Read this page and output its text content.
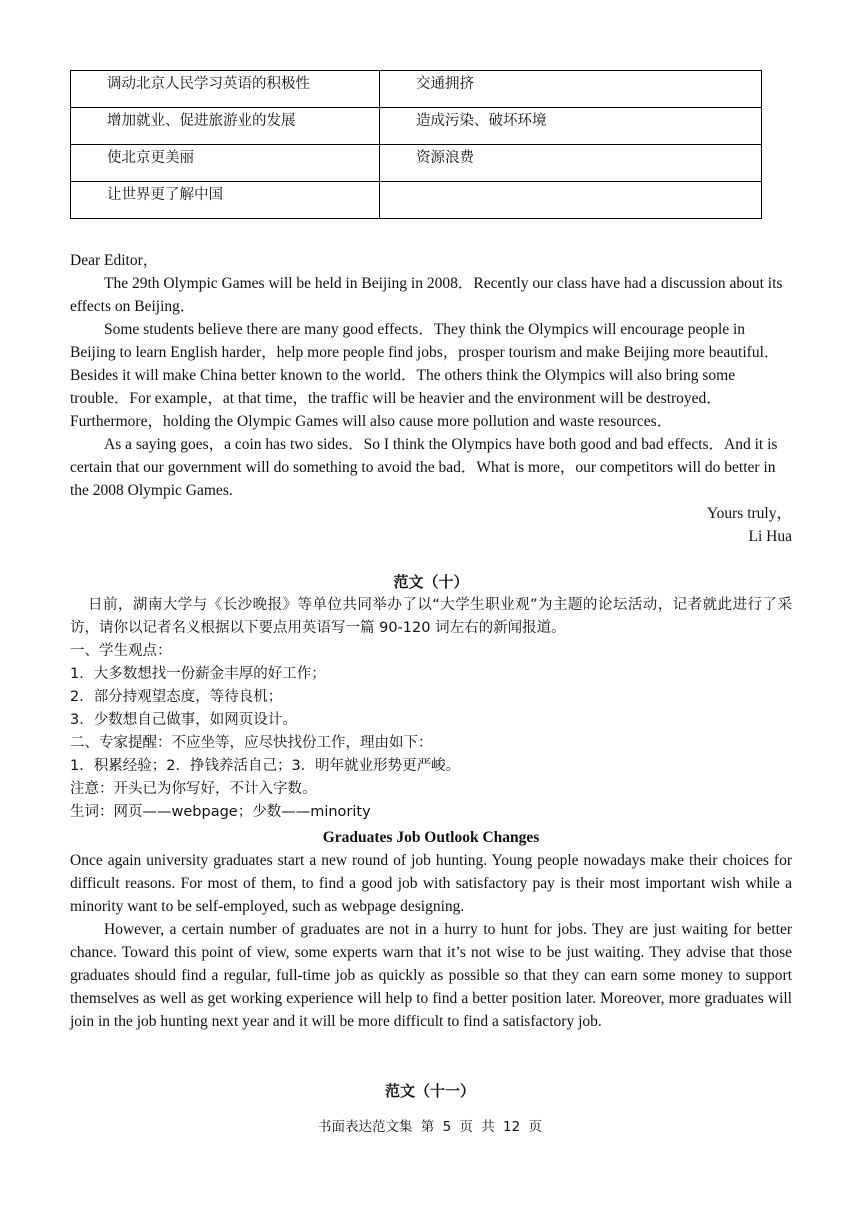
调动北京人民学习英语的积极性	交通拥挤
增加就业、促进旅游业的发展	造成污染、破坏环境
使北京更美丽	资源浪费
让世界更了解中国	

Dear Editor，

The 29th Olympic Games will be held in Beijing in 2008．Recently our class have had a discussion about its effects on Beijing．

Some students believe there are many good effects．They think the Olympics will encourage people in Beijing to learn English harder，help more people find jobs，prosper tourism and make Beijing more beautiful． Besides it will make China better known to the world．The others think the Olympics will also bring some trouble．For example，at that time，the traffic will be heavier and the environment will be destroyed．Furthermore，holding the Olympic Games will also cause more pollution and waste resources．

As a saying goes，a coin has two sides．So I think the Olympics have both good and bad effects．And it is certain that our government will do something to avoid the bad．What is more，our competitors will do better in the 2008 Olympic Games.

Yours truly，

Li Hua

范文（十）

日前，湖南大学与《长沙晚报》等单位共同举办了以“大学生职业观”为主题的论坛活动，记者就此进行了采访，请你以记者名义根据以下要点用英语写一篇 90-120 词左右的新闻报道。

一、学生观点：

1．大多数想找一份薪金丰厚的好工作；

2．部分持观望态度，等待良机；

3．少数想自己做事，如网页设计。

二、专家提醒：不应坐等，应尽快找份工作，理由如下：

1．积累经验；2．挣钱养活自己；3．明年就业形势更严峻。

注意：开头已为你写好，不计入字数。

生词：网页——webpage；少数——minority

Graduates Job Outlook Changes

Once again university graduates start a new round of job hunting. Young people nowadays make their choices for difficult reasons. For most of them, to find a good job with satisfactory pay is their most important wish while a minority want to be self-employed, such as webpage designing.

However, a certain number of graduates are not in a hurry to hunt for jobs. They are just waiting for better chance. Toward this point of view, some experts warn that it’s not wise to be just waiting. They advise that those graduates should find a regular, full-time job as quickly as possible so that they can earn some money to support themselves as well as get working experience will help to find a better position later. Moreover, more graduates will join in the job hunting next year and it will be more difficult to find a satisfactory job.

范文（十一）
书面表达范文集 第 5 页 共 12 页
